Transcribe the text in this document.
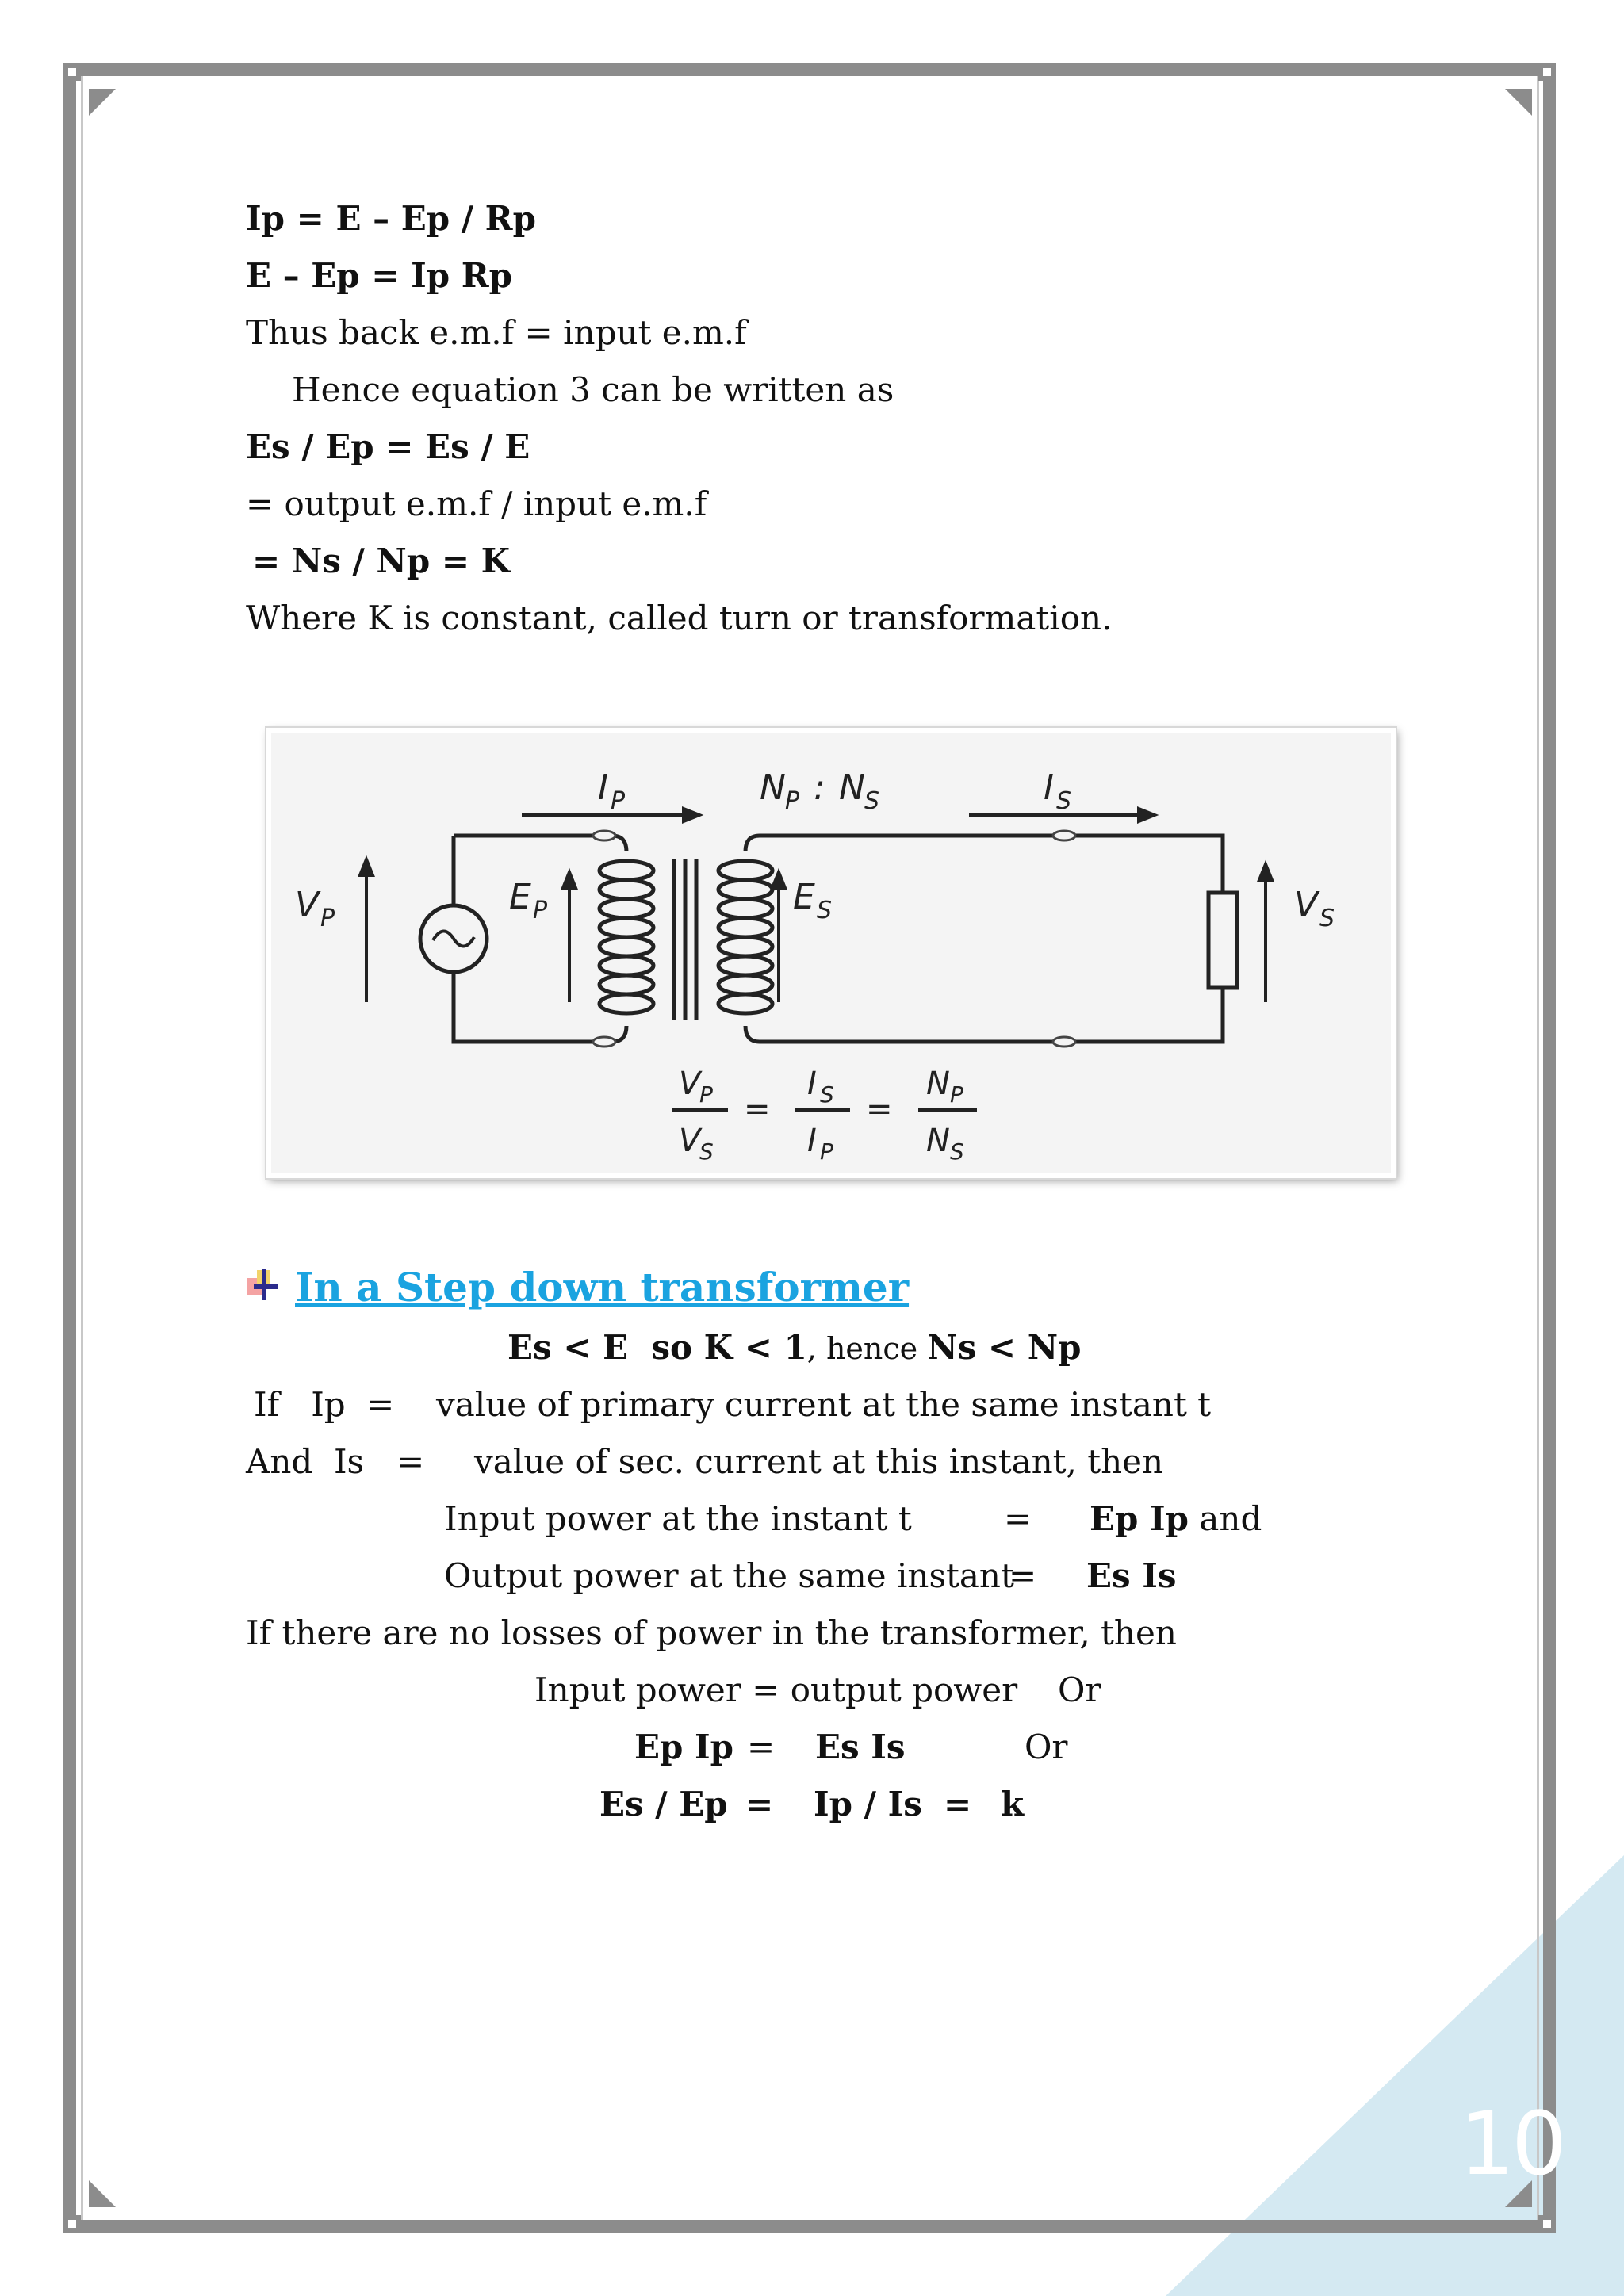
Ip = E – Ep / Rp
E – Ep = Ip Rp
Thus back e.m.f = input e.m.f
Hence equation 3 can be written as
Es / Ep = Es / E
= output e.m.f / input e.m.f
= Ns / Np = K
Where K is constant, called turn or transformation.
I P	N P : N S	I S
V P
E P	E S	V S
V
P
V
S
=
I S
I P
=
N P
N S
In a Step down transformer
Es < E  so K < 1, hence Ns < Np
If   Ip = value of primary current at the same instant t
And  Is = value of sec. current at this instant, then
Input power at the instant t	= Ep Ip and
Output power at the same instant
= Es Is
If there are no losses of power in the transformer, then
Input power = output power Or
Ep Ip = Es Is	Or
Es / Ep = Ip / Is = k
10
